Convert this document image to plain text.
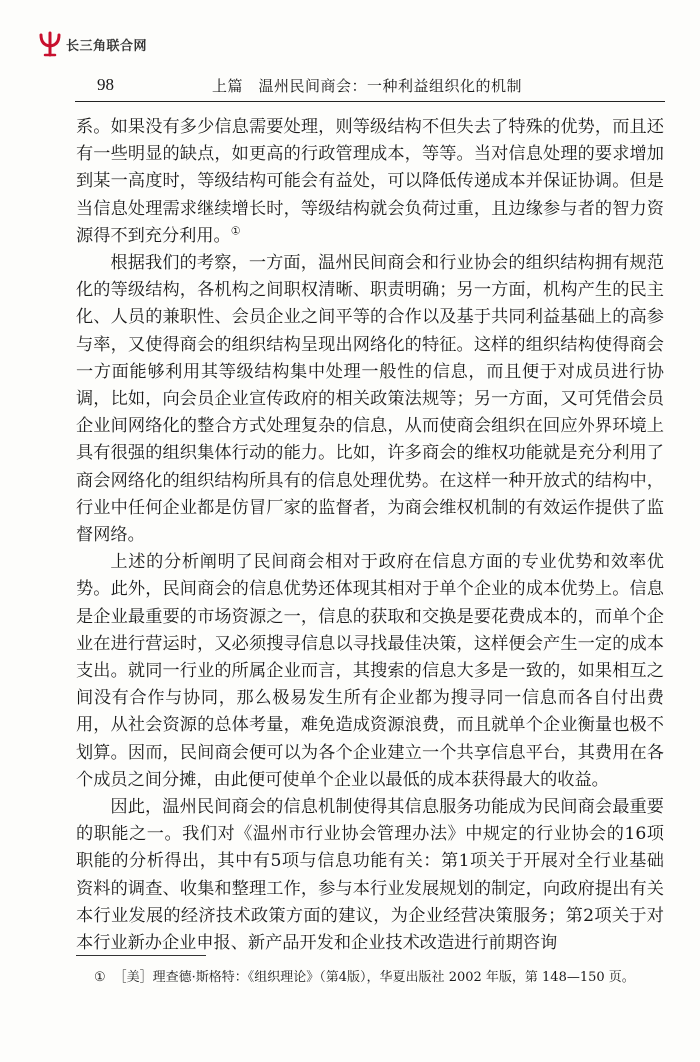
长三角联合网
98	上篇　温州民间商会：一种利益组织化的机制

系。如果没有多少信息需要处理，则等级结构不但失去了特殊的优势，而且还有一些明显的缺点，如更高的行政管理成本，等等。当对信息处理的要求增加到某一高度时，等级结构可能会有益处，可以降低传递成本并保证协调。但是当信息处理需求继续增长时，等级结构就会负荷过重，且边缘参与者的智力资源得不到充分利用。①

根据我们的考察，一方面，温州民间商会和行业协会的组织结构拥有规范化的等级结构，各机构之间职权清晰、职责明确；另一方面，机构产生的民主化、人员的兼职性、会员企业之间平等的合作以及基于共同利益基础上的高参与率，又使得商会的组织结构呈现出网络化的特征。这样的组织结构使得商会一方面能够利用其等级结构集中处理一般性的信息，而且便于对成员进行协调，比如，向会员企业宣传政府的相关政策法规等；另一方面，又可凭借会员企业间网络化的整合方式处理复杂的信息，从而使商会组织在回应外界环境上具有很强的组织集体行动的能力。比如，许多商会的维权功能就是充分利用了商会网络化的组织结构所具有的信息处理优势。在这样一种开放式的结构中，行业中任何企业都是仿冒厂家的监督者，为商会维权机制的有效运作提供了监督网络。

上述的分析阐明了民间商会相对于政府在信息方面的专业优势和效率优势。此外，民间商会的信息优势还体现其相对于单个企业的成本优势上。信息是企业最重要的市场资源之一，信息的获取和交换是要花费成本的，而单个企业在进行营运时，又必须搜寻信息以寻找最佳决策，这样便会产生一定的成本支出。就同一行业的所属企业而言，其搜索的信息大多是一致的，如果相互之间没有合作与协同，那么极易发生所有企业都为搜寻同一信息而各自付出费用，从社会资源的总体考量，难免造成资源浪费，而且就单个企业衡量也极不划算。因而，民间商会便可以为各个企业建立一个共享信息平台，其费用在各个成员之间分摊，由此便可使单个企业以最低的成本获得最大的收益。

因此，温州民间商会的信息机制使得其信息服务功能成为民间商会最重要的职能之一。我们对《温州市行业协会管理办法》中规定的行业协会的16项职能的分析得出，其中有5项与信息功能有关：第1项关于开展对全行业基础资料的调查、收集和整理工作，参与本行业发展规划的制定，向政府提出有关本行业发展的经济技术政策方面的建议，为企业经营决策服务；第2项关于对本行业新办企业申报、新产品开发和企业技术改造进行前期咨询

① ［美］理查德·斯格特：《组织理论》（第4版），华夏出版社 2002 年版，第 148—150 页。
